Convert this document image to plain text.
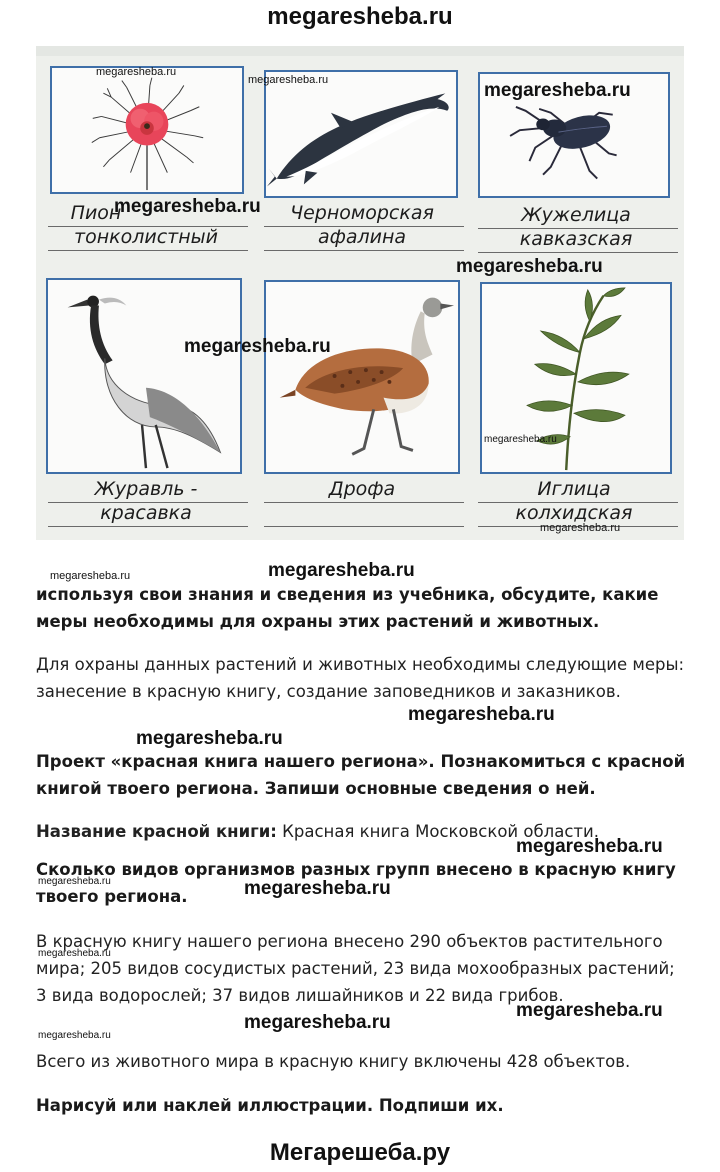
megaresheba.ru
Пион
тонколистный
Черноморская
афалина
Жужелица
кавказская
Журавль -
красавка
Дрофа	Иглица
колхидская
megaresheba.ru
megaresheba.ru	megaresheba.ru
megaresheba.ru
megaresheba.ru
megaresheba.ru
megaresheba.ru
megaresheba.ru
megaresheba.ru	megaresheba.ru
используя свои знания и сведения из учебника, обсудите, какие меры необходимы для охраны этих растений и животных.
Для охраны данных растений и животных необходимы следующие меры: занесение в красную книгу, создание заповедников и заказников.
megaresheba.ru
megaresheba.ru
Проект «красная книга нашего региона». Познакомиться с красной книгой твоего региона. Запиши основные сведения о ней.
Название красной книги: Красная книга Московской области.
megaresheba.ru
Сколько видов организмов разных групп внесено в красную книгу твоего региона.
megaresheba.ru	megaresheba.ru
В красную книгу нашего региона внесено 290 объектов растительного мира; 205 видов сосудистых растений, 23 вида мохообразных растений; 3 вида водорослей; 37 видов лишайников и 22 вида грибов.
megaresheba.ru
megaresheba.ru
megaresheba.ru
megaresheba.ru
Всего из животного мира в красную книгу включены 428 объектов.
Нарисуй или наклей иллюстрации. Подпиши их.
Мегарешеба.ру
